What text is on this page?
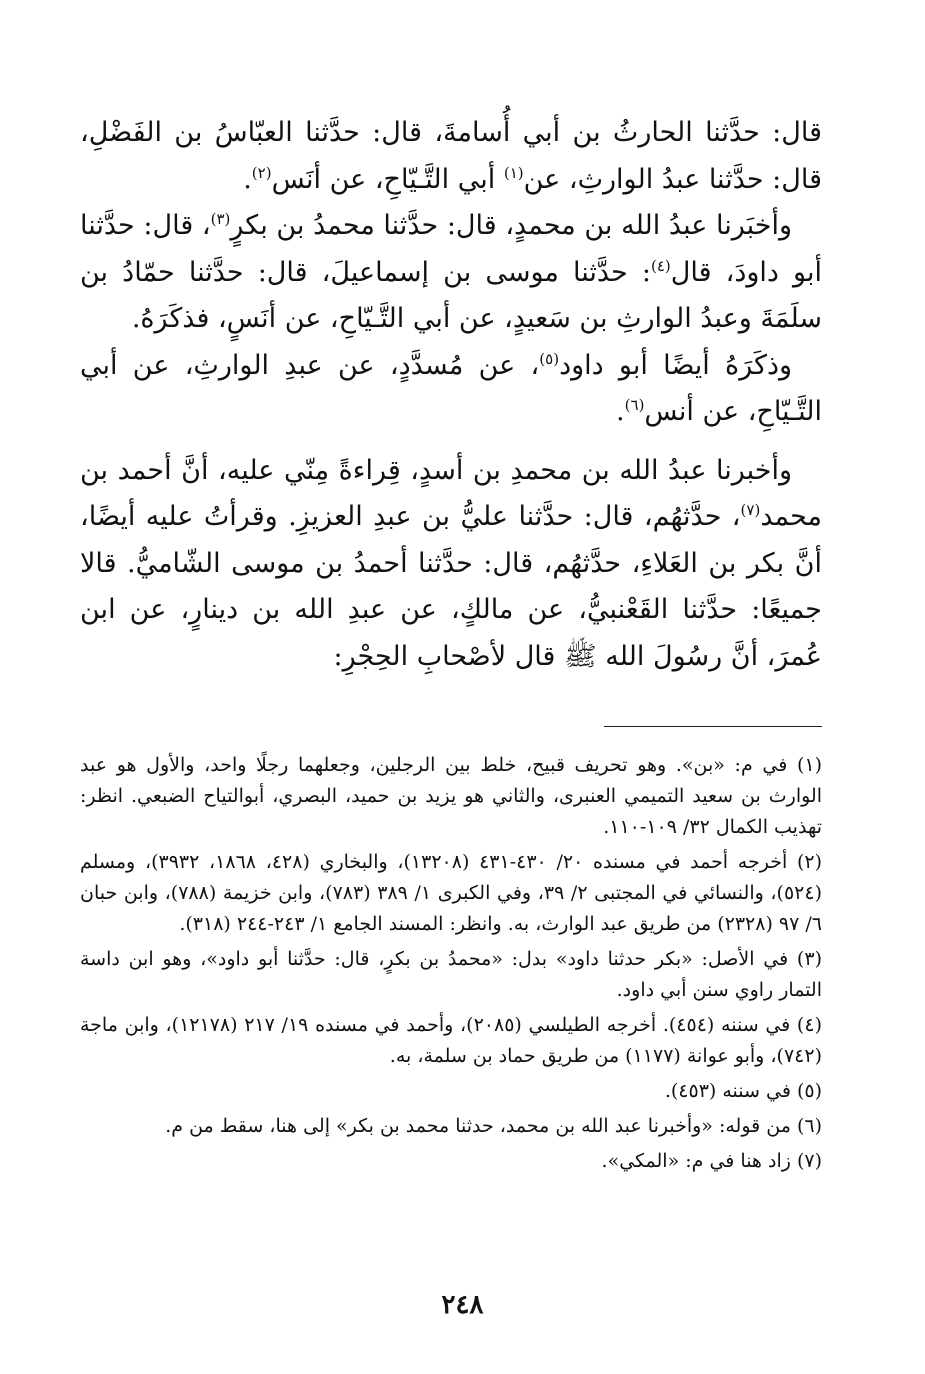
قال: حدَّثنا الحارثُ بن أبي أُسامةَ، قال: حدَّثنا العبّاسُ بن الفَضْلِ، قال: حدَّثنا عبدُ الوارثِ، عن$^{(١)}$ أبي التَّـيّاحِ، عن أنَس$^{(٢)}$.

وأخبَرنا عبدُ الله بن محمدٍ، قال: حدَّثنا محمدُ بن بكرٍ$^{(٣)}$، قال: حدَّثنا أبو داودَ، قال$^{(٤)}$: حدَّثنا موسى بن إسماعيلَ، قال: حدَّثنا حمّادُ بن سلَمَةَ وعبدُ الوارثِ بن سَعيدٍ، عن أبي التَّـيّاحِ، عن أنَسٍ، فذكَرَهُ.

وذكَرَهُ أيضًا أبو داود$^{(٥)}$، عن مُسدَّدٍ، عن عبدِ الوارثِ، عن أبي التَّـيّاحِ، عن أنس$^{(٦)}$.

وأخبرنا عبدُ الله بن محمدِ بن أسدٍ، قِراءةً مِنّي عليه، أنَّ أحمد بن محمد$^{(٧)}$، حدَّثهُم، قال: حدَّثنا عليُّ بن عبدِ العزيزِ. وقرأتُ عليه أيضًا، أنَّ بكر بن العَلاءِ، حدَّثهُم، قال: حدَّثنا أحمدُ بن موسى الشّاميُّ. قالا جميعًا: حدَّثنا القَعْنبيُّ، عن مالكٍ، عن عبدِ الله بن دينارٍ، عن ابن عُمرَ، أنَّ رسُولَ الله ﷺ قال لأصْحابِ الحِجْرِ:

(١) في م: «بن». وهو تحريف قبيح، خلط بين الرجلين، وجعلهما رجلًا واحد، والأول هو عبد الوارث بن سعيد التميمي العنبرى، والثاني هو يزيد بن حميد، البصري، أبوالتياح الضبعي. انظر: تهذيب الكمال ٣٢/ ١٠٩-١١٠.

(٢) أخرجه أحمد في مسنده ٢٠/ ٤٣٠-٤٣١ (١٣٢٠٨)، والبخاري (٤٢٨، ١٨٦٨، ٣٩٣٢)، ومسلم (٥٢٤)، والنسائي في المجتبى ٢/ ٣٩، وفي الكبرى ١/ ٣٨٩ (٧٨٣)، وابن خزيمة (٧٨٨)، وابن حبان ٦/ ٩٧ (٢٣٢٨) من طريق عبد الوارث، به. وانظر: المسند الجامع ١/ ٢٤٣-٢٤٤ (٣١٨).

(٣) في الأصل: «بكر حدثنا داود» بدل: «محمدُ بن بكرٍ، قال: حدَّثنا أبو داود»، وهو ابن داسة التمار راوي سنن أبي داود.

(٤) في سننه (٤٥٤). أخرجه الطيلسي (٢٠٨٥)، وأحمد في مسنده ١٩/ ٢١٧ (١٢١٧٨)، وابن ماجة (٧٤٢)، وأبو عوانة (١١٧٧) من طريق حماد بن سلمة، به.

(٥) في سننه (٤٥٣).

(٦) من قوله: «وأخبرنا عبد الله بن محمد، حدثنا محمد بن بكر» إلى هنا، سقط من م.

(٧) زاد هنا في م: «المكي».

٢٤٨
